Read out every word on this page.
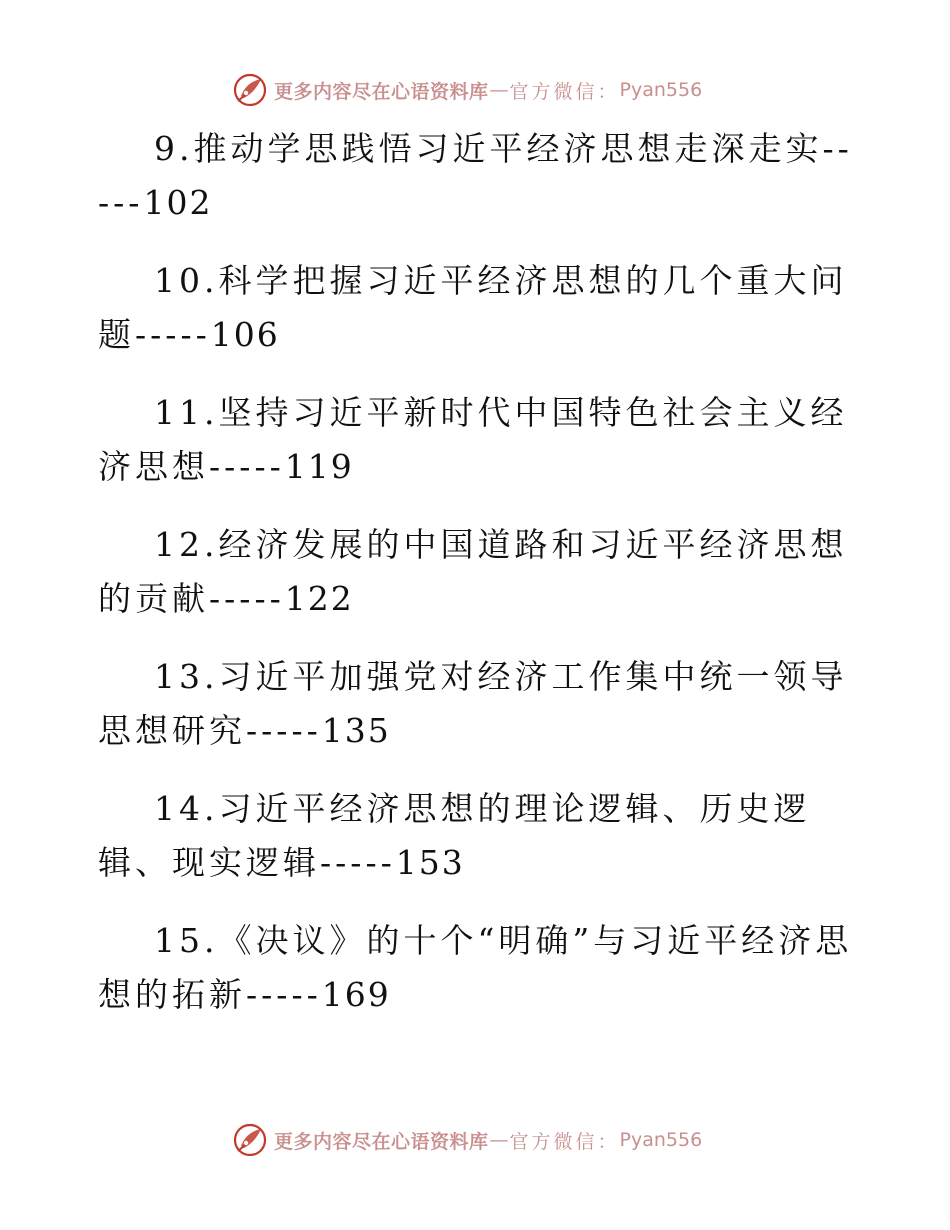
更多内容尽在心语资料库 — 官方微信： Pyan556

9.推动学思践悟习近平经济思想走深走实-----102

10.科学把握习近平经济思想的几个重大问题-----106

11.坚持习近平新时代中国特色社会主义经济思想-----119

12.经济发展的中国道路和习近平经济思想的贡献-----122

13.习近平加强党对经济工作集中统一领导思想研究-----135

14.习近平经济思想的理论逻辑、历史逻辑、现实逻辑-----153

15.《决议》的十个“明确”与习近平经济思想的拓新-----169

更多内容尽在心语资料库 — 官方微信： Pyan556
